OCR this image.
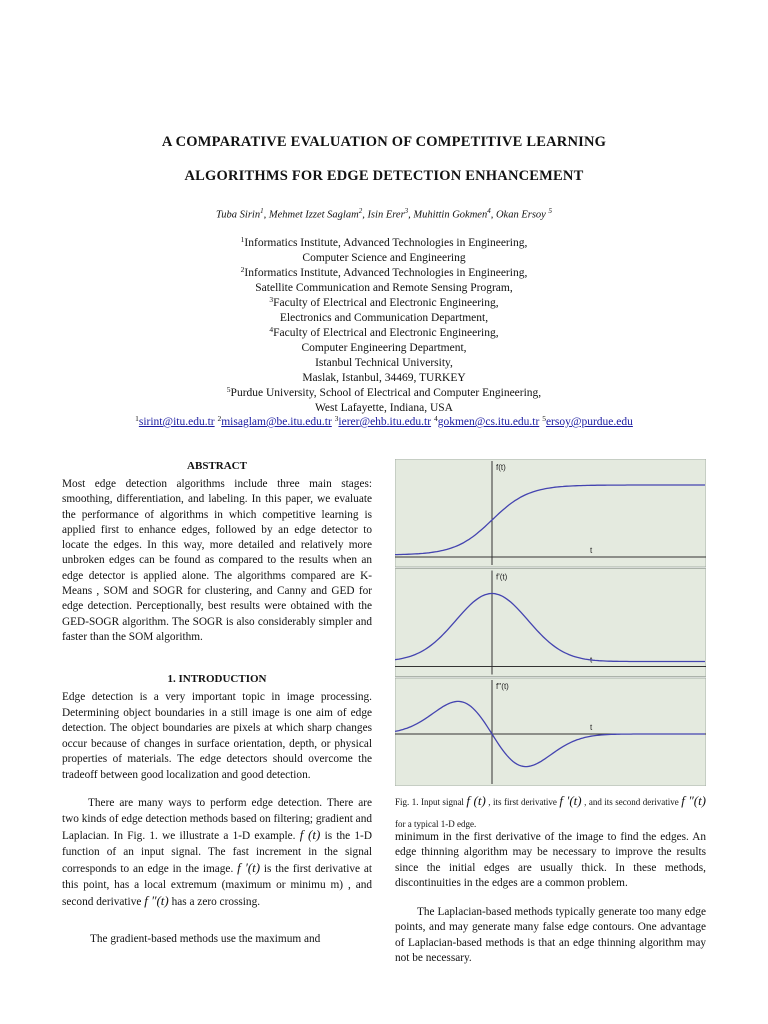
A COMPARATIVE EVALUATION OF COMPETITIVE LEARNING
ALGORITHMS FOR EDGE DETECTION ENHANCEMENT
Tuba Sirin$^1$, Mehmet Izzet Saglam$^2$, Isin Erer$^3$, Muhittin Gokmen$^4$, Okan Ersoy $^5$
$^1$Informatics Institute, Advanced Technologies in Engineering,
Computer Science and Engineering
$^2$Informatics Institute, Advanced Technologies in Engineering,
Satellite Communication and Remote Sensing Program,
$^3$Faculty of Electrical and Electronic Engineering,
Electronics and Communication Department,
$^4$Faculty of Electrical and Electronic Engineering,
Computer Engineering Department,
Istanbul Technical University,
Maslak, Istanbul, 34469, TURKEY
$^5$Purdue University, School of Electrical and Computer Engineering,
West Lafayette, Indiana, USA
$^1$sirint@itu.edu.tr $^2$misaglam@be.itu.edu.tr $^3$ierer@ehb.itu.edu.tr $^4$gokmen@cs.itu.edu.tr $^5$ersoy@purdue.edu
ABSTRACT
Most edge detection algorithms include three main stages: smoothing, differentiation, and labeling. In this paper, we evaluate the performance of algorithms in which competitive learning is applied first to enhance edges, followed by an edge detector to locate the edges. In this way, more detailed and relatively more unbroken edges can be found as compared to the results when an edge detector is applied alone. The algorithms compared are K-Means , SOM and SOGR for clustering, and Canny and GED for edge detection. Perceptionally, best results were obtained with the GED-SOGR algorithm. The SOGR is also considerably simpler and faster than the SOM algorithm.
1. INTRODUCTION
Edge detection is a very important topic in image processing. Determining object boundaries in a still image is one aim of edge detection. The object boundaries are pixels at which sharp changes occur because of changes in surface orientation, depth, or physical properties of materials. The edge detectors should overcome the tradeoff between good localization and good detection.
There are many ways to perform edge detection. There are two kinds of edge detection methods based on filtering; gradient and Laplacian. In Fig. 1. we illustrate a 1-D example. f (t) is the 1-D function of an input signal. The fast increment in the signal corresponds to an edge in the image. f ′(t) is the first derivative at this point, has a local extremum (maximum or minimu m) , and second derivative f ″(t) has a zero crossing.
The gradient-based methods use the maximum and
f(t)
t
f'(t)
t
f''(t)
t
Fig. 1. Input signal f (t) , its first derivative f ′(t) , and its second derivative f ″(t) for a typical 1-D edge.
minimum in the first derivative of the image to find the edges. An edge thinning algorithm may be necessary to improve the results since the initial edges are usually thick. In these methods, discontinuities in the edges are a common problem.
The Laplacian-based methods typically generate too many edge points, and may generate many false edge contours. One advantage of Laplacian-based methods is that an edge thinning algorithm may not be necessary.
